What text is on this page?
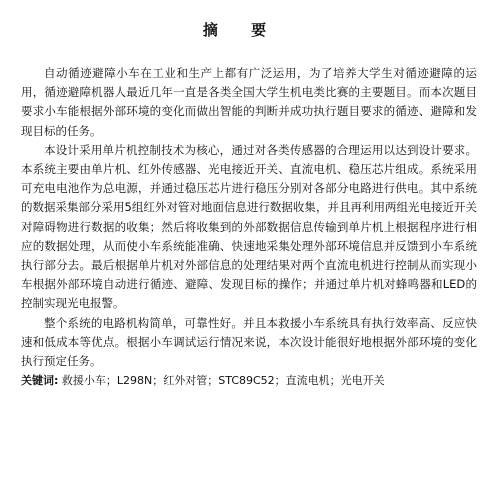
摘 要

自动循迹避障小车在工业和生产上都有广泛运用，为了培养大学生对循迹避障的运用，循迹避障机器人最近几年一直是各类全国大学生机电类比赛的主要题目。而本次题目要求小车能根据外部环境的变化而做出智能的判断并成功执行题目要求的循迹、避障和发现目标的任务。

本设计采用单片机控制技术为核心，通过对各类传感器的合理运用以达到设计要求。本系统主要由单片机、红外传感器、光电接近开关、直流电机、稳压芯片组成。系统采用可充电电池作为总电源，并通过稳压芯片进行稳压分别对各部分电路进行供电。其中系统的数据采集部分采用5组红外对管对地面信息进行数据收集，并且再利用两组光电接近开关对障碍物进行数据的收集；然后将收集到的外部数据信息传输到单片机上根据程序进行相应的数据处理，从而使小车系统能准确、快速地采集处理外部环境信息并反馈到小车系统执行部分去。最后根据单片机对外部信息的处理结果对两个直流电机进行控制从而实现小车根据外部环境自动进行循迹、避障、发现目标的操作；并通过单片机对蜂鸣器和LED的控制实现光电报警。

整个系统的电路机构简单，可靠性好。并且本救援小车系统具有执行效率高、反应快速和低成本等优点。根据小车调试运行情况来说，本次设计能很好地根据外部环境的变化执行预定任务。

关键词: 救援小车；L298N；红外对管；STC89C52；直流电机；光电开关
